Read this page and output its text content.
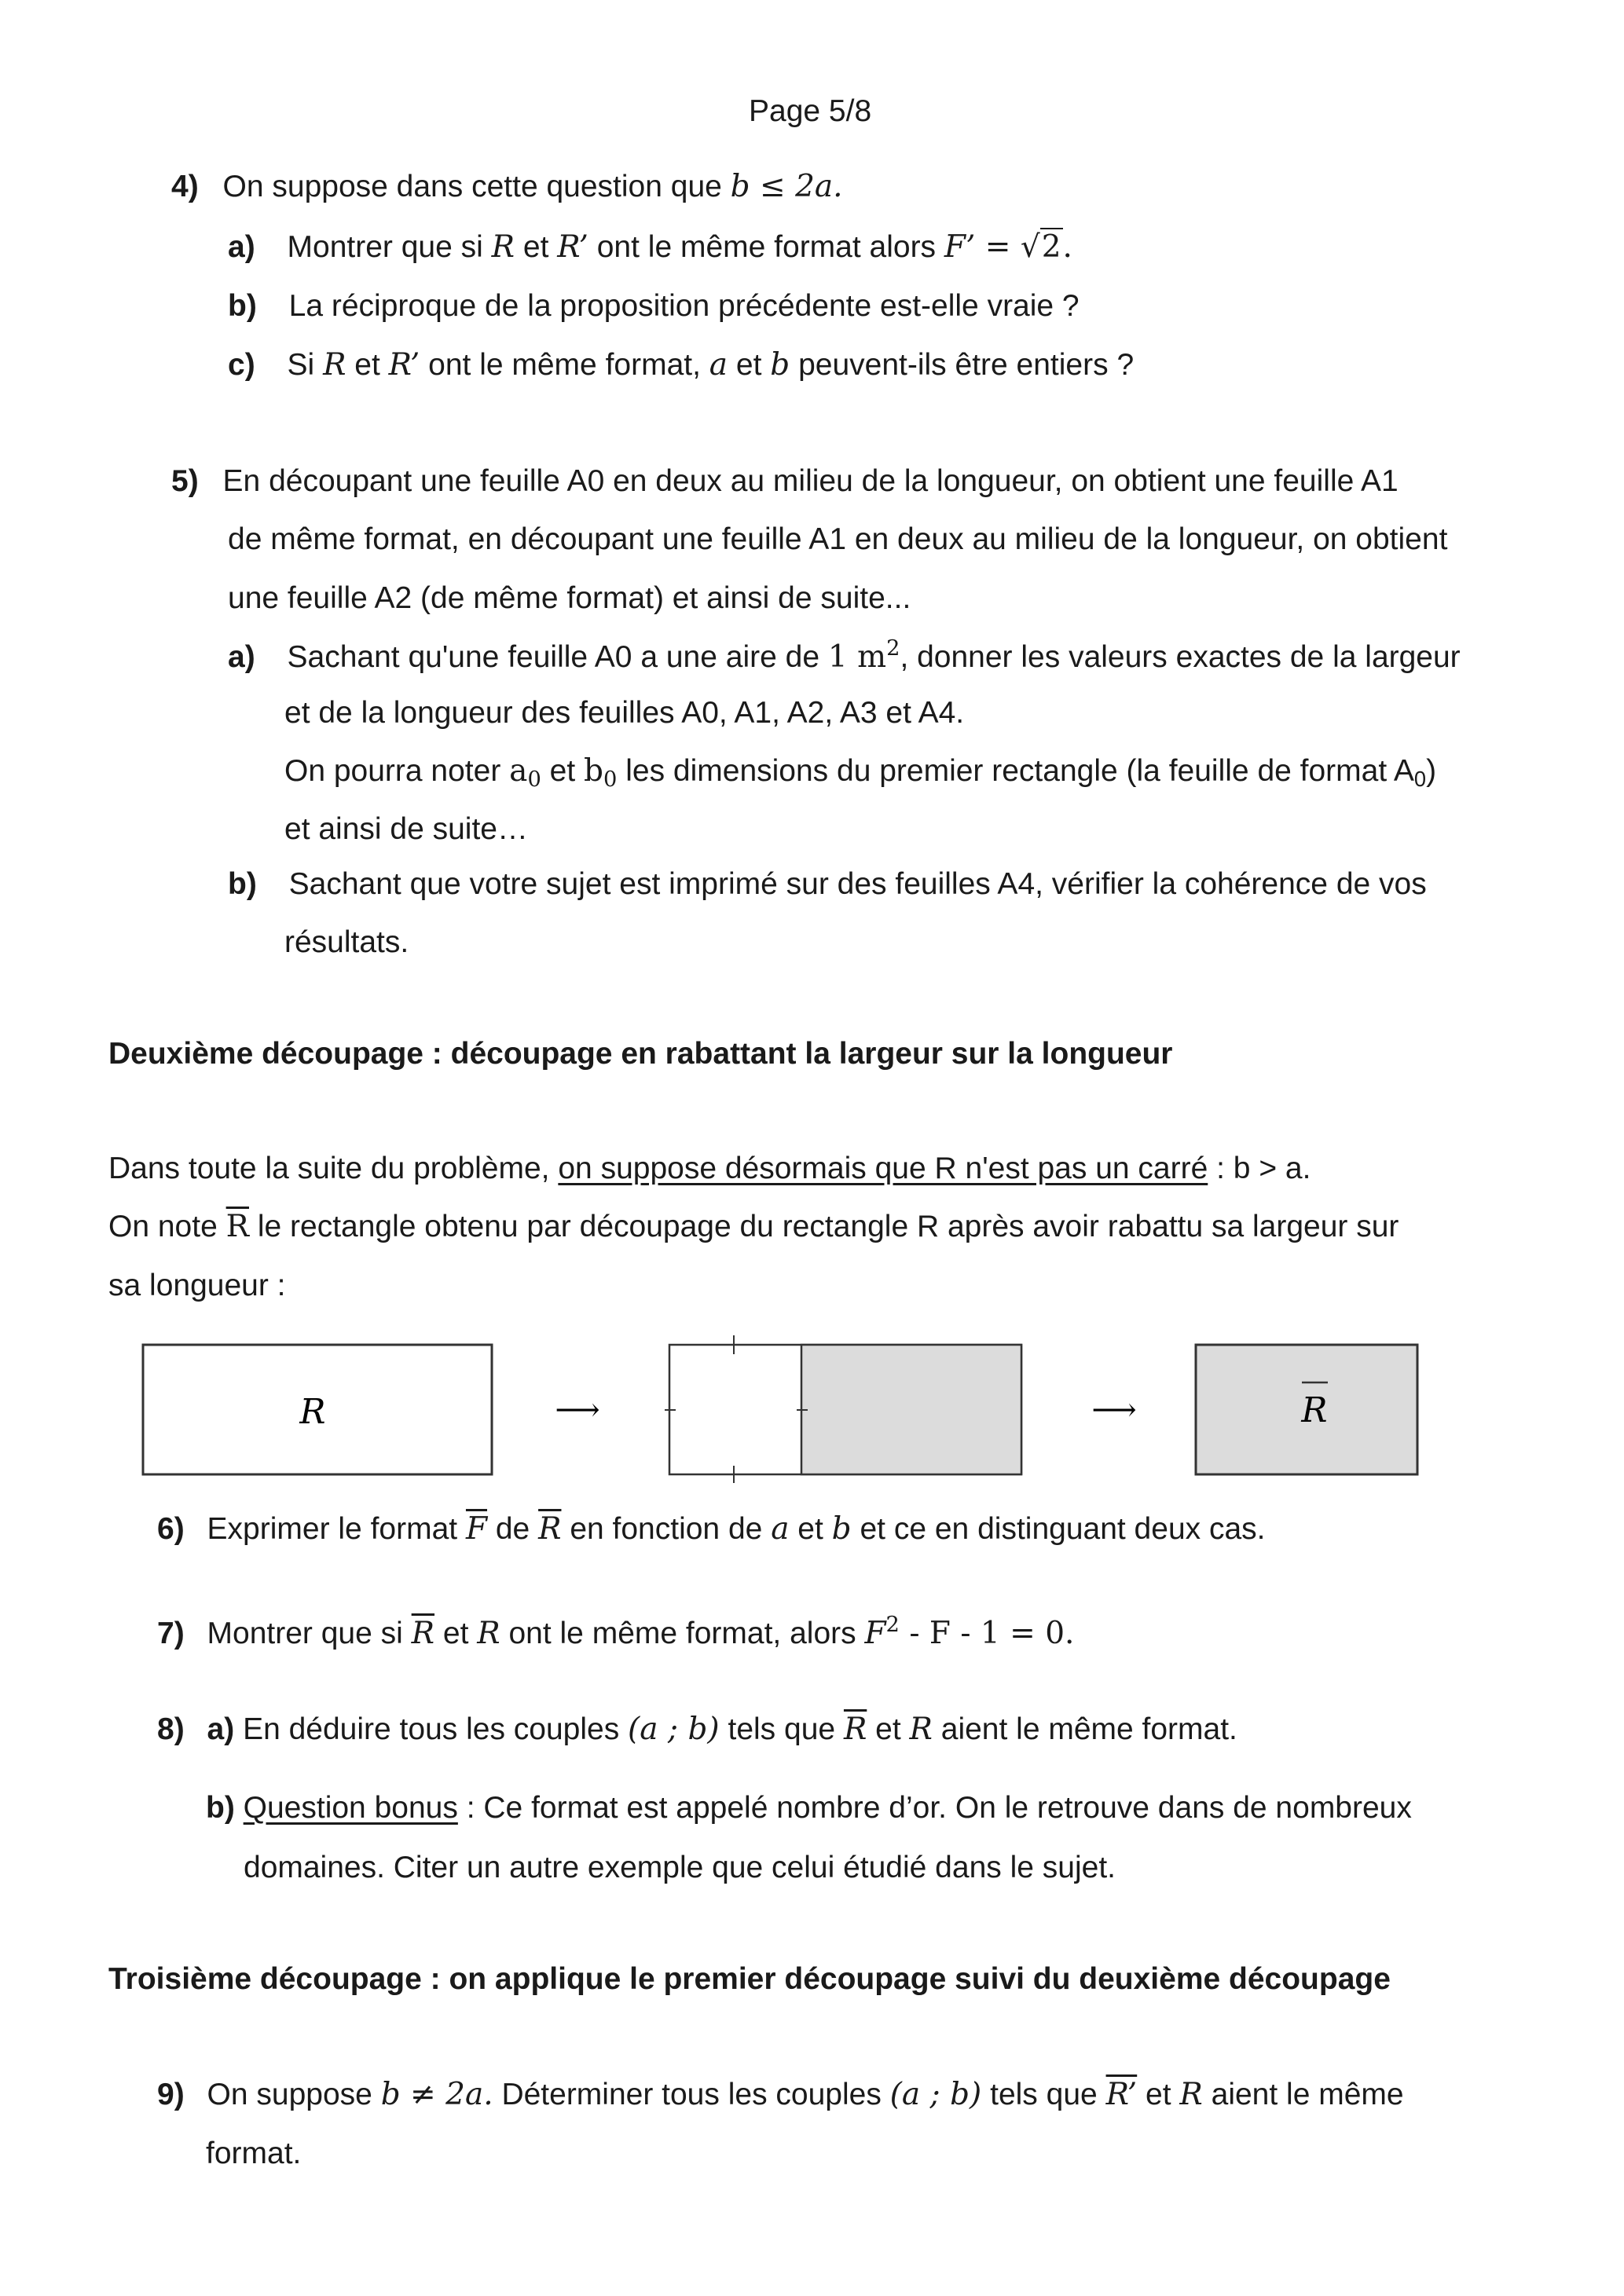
Page 5/8
4) On suppose dans cette question que b ≤ 2a.
a) Montrer que si R et R’ ont le même format alors F’ = √2.
b) La réciproque de la proposition précédente est-elle vraie ?
c) Si R et R’ ont le même format, a et b peuvent-ils être entiers ?
5) En découpant une feuille A0 en deux au milieu de la longueur, on obtient une feuille A1
de même format, en découpant une feuille A1 en deux au milieu de la longueur, on obtient
une feuille A2 (de même format) et ainsi de suite...
a) Sachant qu'une feuille A0 a une aire de 1 $m^2$, donner les valeurs exactes de la largeur
et de la longueur des feuilles A0, A1, A2, A3 et A4.
On pourra noter $a_0$ et $b_0$ les dimensions du premier rectangle (la feuille de format $A_0$)
et ainsi de suite…
b) Sachant que votre sujet est imprimé sur des feuilles A4, vérifier la cohérence de vos
résultats.
Deuxième découpage : découpage en rabattant la largeur sur la longueur
Dans toute la suite du problème, on suppose désormais que R n'est pas un carré : b > a.
On note $\overline{R}$ le rectangle obtenu par découpage du rectangle R après avoir rabattu sa largeur sur
sa longueur :
R	⟶	⟶	R
6) Exprimer le format $\overline{F}$ de $\overline{R}$ en fonction de a et b et ce en distinguant deux cas.
7) Montrer que si $\overline{R}$ et R ont le même format, alors $F^2 - F - 1 = 0$.
8) a) En déduire tous les couples (a ; b) tels que $\overline{R}$ et R aient le même format.
b) Question bonus : Ce format est appelé nombre d’or. On le retrouve dans de nombreux
domaines. Citer un autre exemple que celui étudié dans le sujet.
Troisième découpage : on applique le premier découpage suivi du deuxième découpage
9) On suppose b ≠ 2a. Déterminer tous les couples (a ; b) tels que R’ et R aient le même
format.
